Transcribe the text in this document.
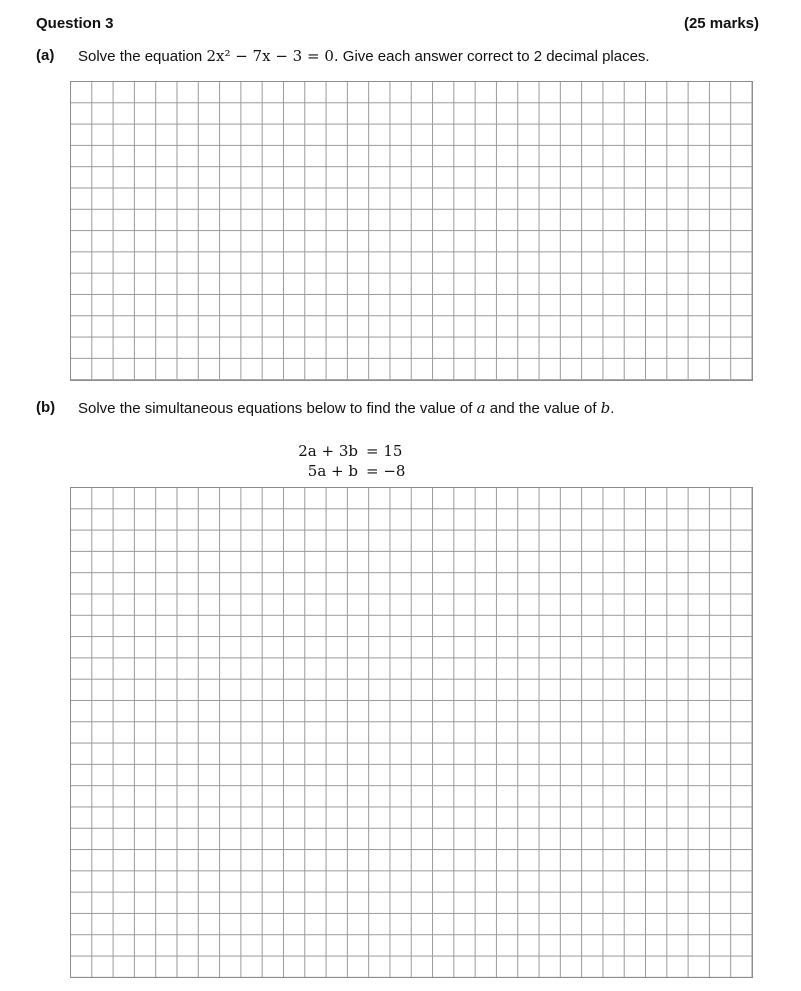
Question 3	(25 marks)
(a) Solve the equation 2x² − 7x − 3 = 0. Give each answer correct to 2 decimal places.
(b) Solve the simultaneous equations below to find the value of a and the value of b.
2a + 3b = 15
5a + b = −8
